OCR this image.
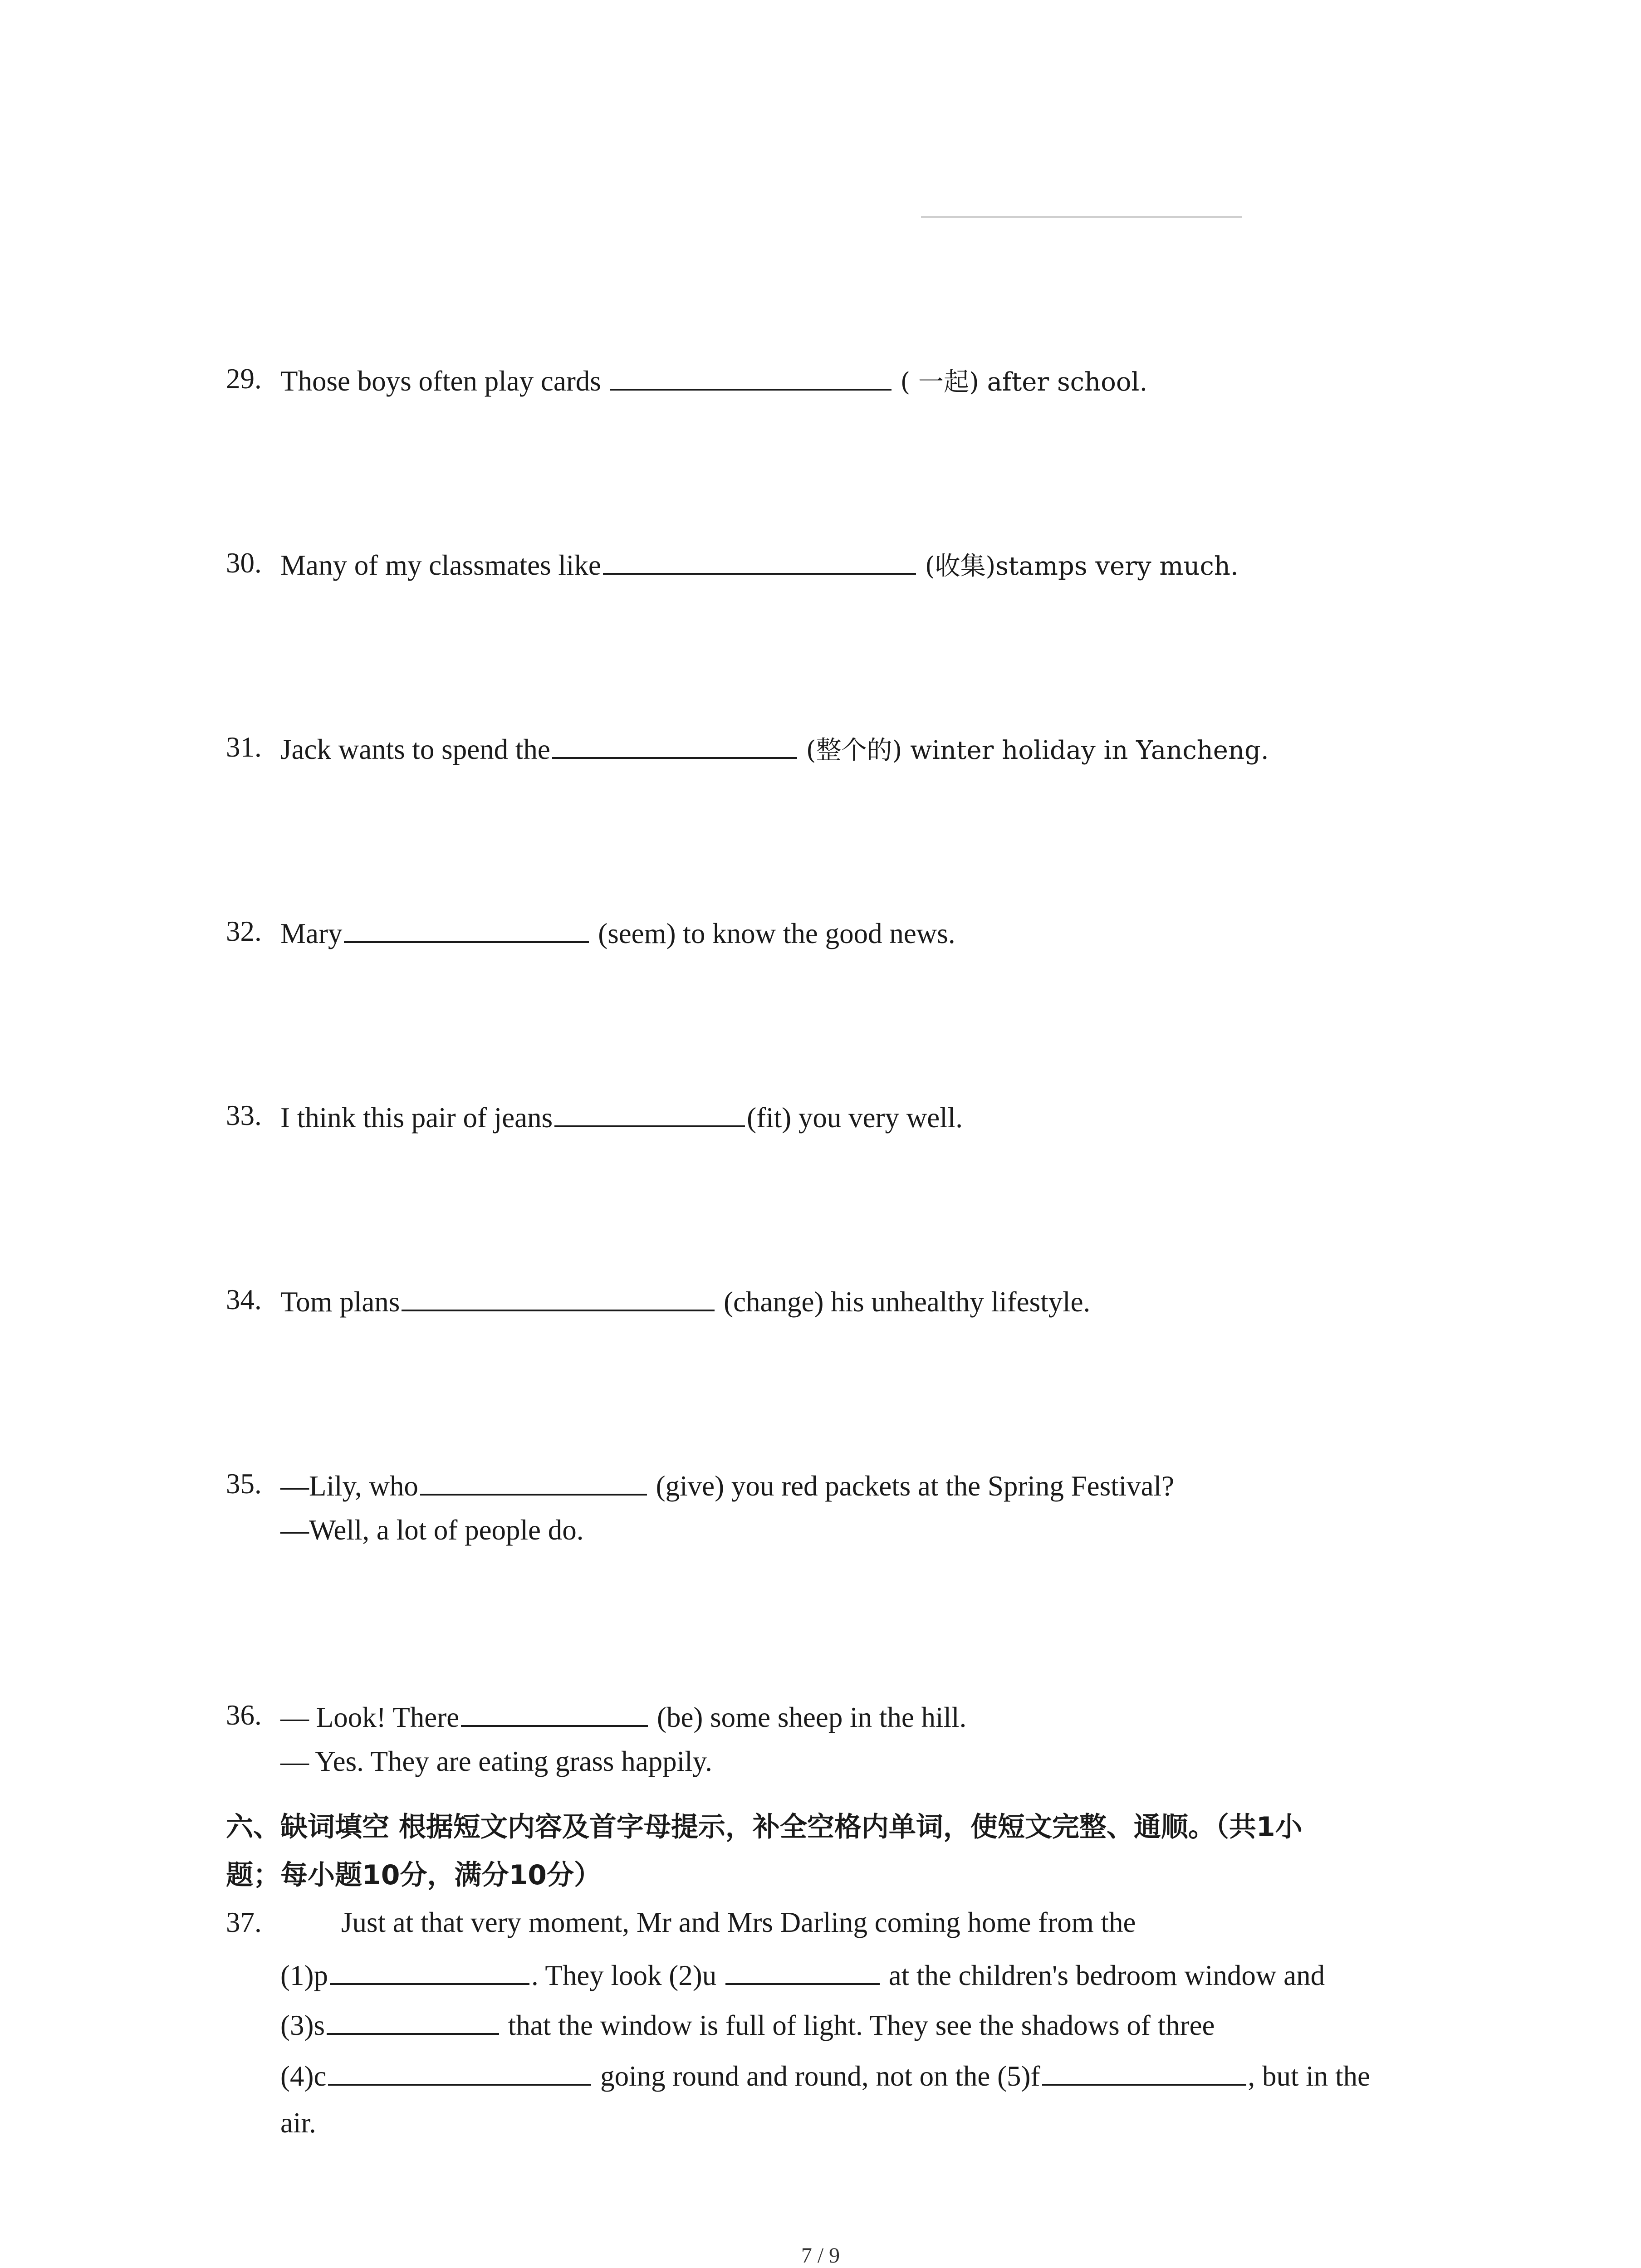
29. Those boys often play cards	( 一起) after school.
30. Many of my classmates like	(收集)stamps very much.
31. Jack wants to spend the	(整个的) winter holiday in Yancheng.
32. Mary	(seem) to know the good news.
33. I think this pair of jeans	(fit) you very well.
34. Tom plans	(change) his unhealthy lifestyle.
35. —Lily, who	(give) you red packets at the Spring Festival?
—Well, a lot of people do.
36. — Look! There	(be) some sheep in the hill.
— Yes. They are eating grass happily.
六、缺词填空 根据短文内容及首字母提示，补全空格内单词，使短文完整、通顺。（共1小
题；每小题10分，满分10分）
37.	Just at that very moment, Mr and Mrs Darling coming home from the
(1)p	. They look (2)u	at the children's bedroom window and
(3)s	that the window is full of light. They see the shadows of three
(4)c	going round and round, not on the (5)f	, but in the
air.
7 / 9
